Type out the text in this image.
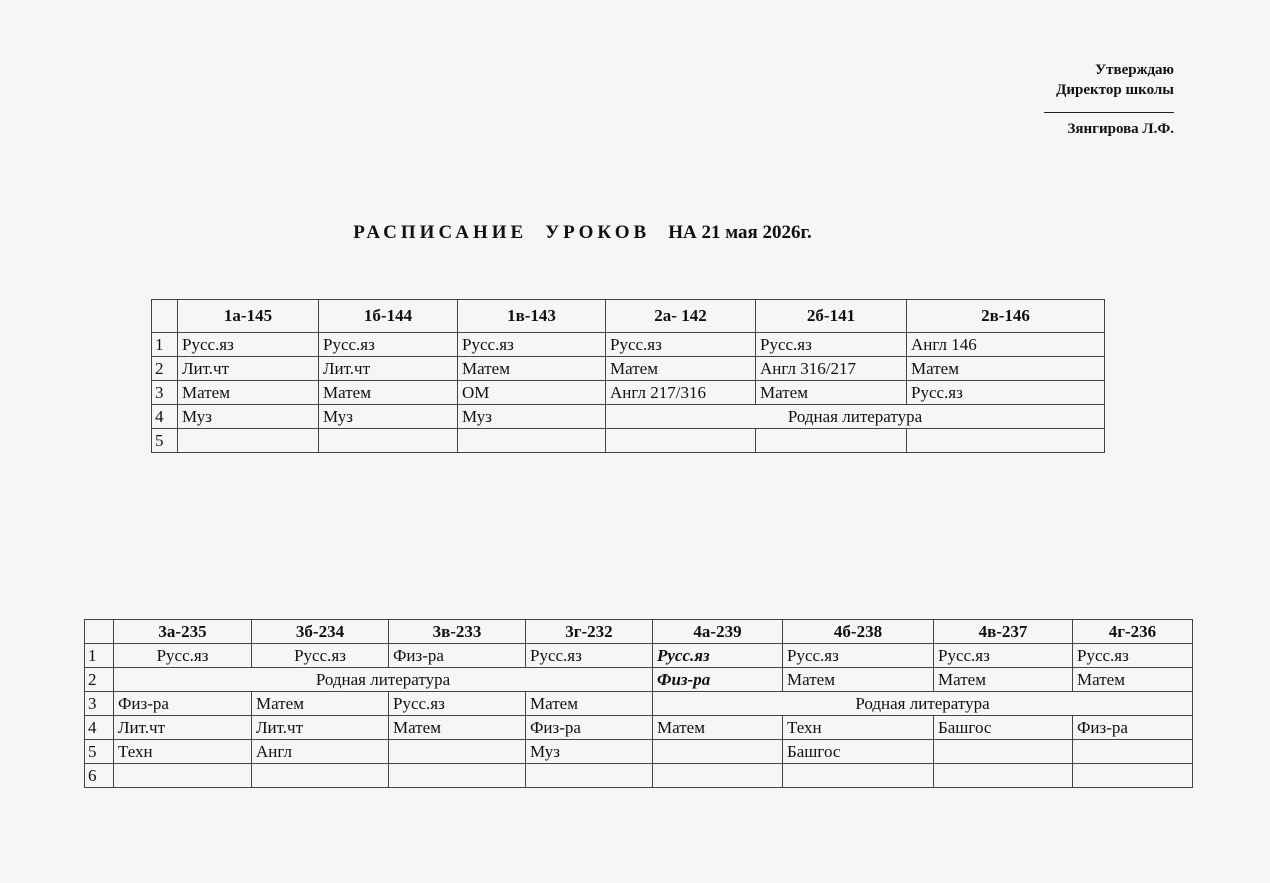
Утверждаю
Директор школы
Зянгирова Л.Ф.
РАСПИСАНИЕ УРОКОВ НА 21 мая 2026г.
	1а-145	1б-144	1в-143	2а- 142	2б-141	2в-146
1	Русс.яз	Русс.яз	Русс.яз	Русс.яз	Русс.яз	Англ 146
2	Лит.чт	Лит.чт	Матем	Матем	Англ 316/217	Матем
3	Матем	Матем	ОМ	Англ 217/316	Матем	Русс.яз
4	Муз	Муз	Муз	Родная литература		
5						
	3а-235	3б-234	3в-233	3г-232	4а-239	4б-238	4в-237	4г-236
1	Русс.яз	Русс.яз	Физ-ра	Русс.яз	Русс.яз	Русс.яз	Русс.яз	Русс.яз
2	Родная литература				Физ-ра	Матем	Матем	Матем
3	Физ-ра	Матем	Русс.яз	Матем	Родная литература			
4	Лит.чт	Лит.чт	Матем	Физ-ра	Матем	Техн	Башгос	Физ-ра
5	Техн	Англ		Муз		Башгос		
6								
